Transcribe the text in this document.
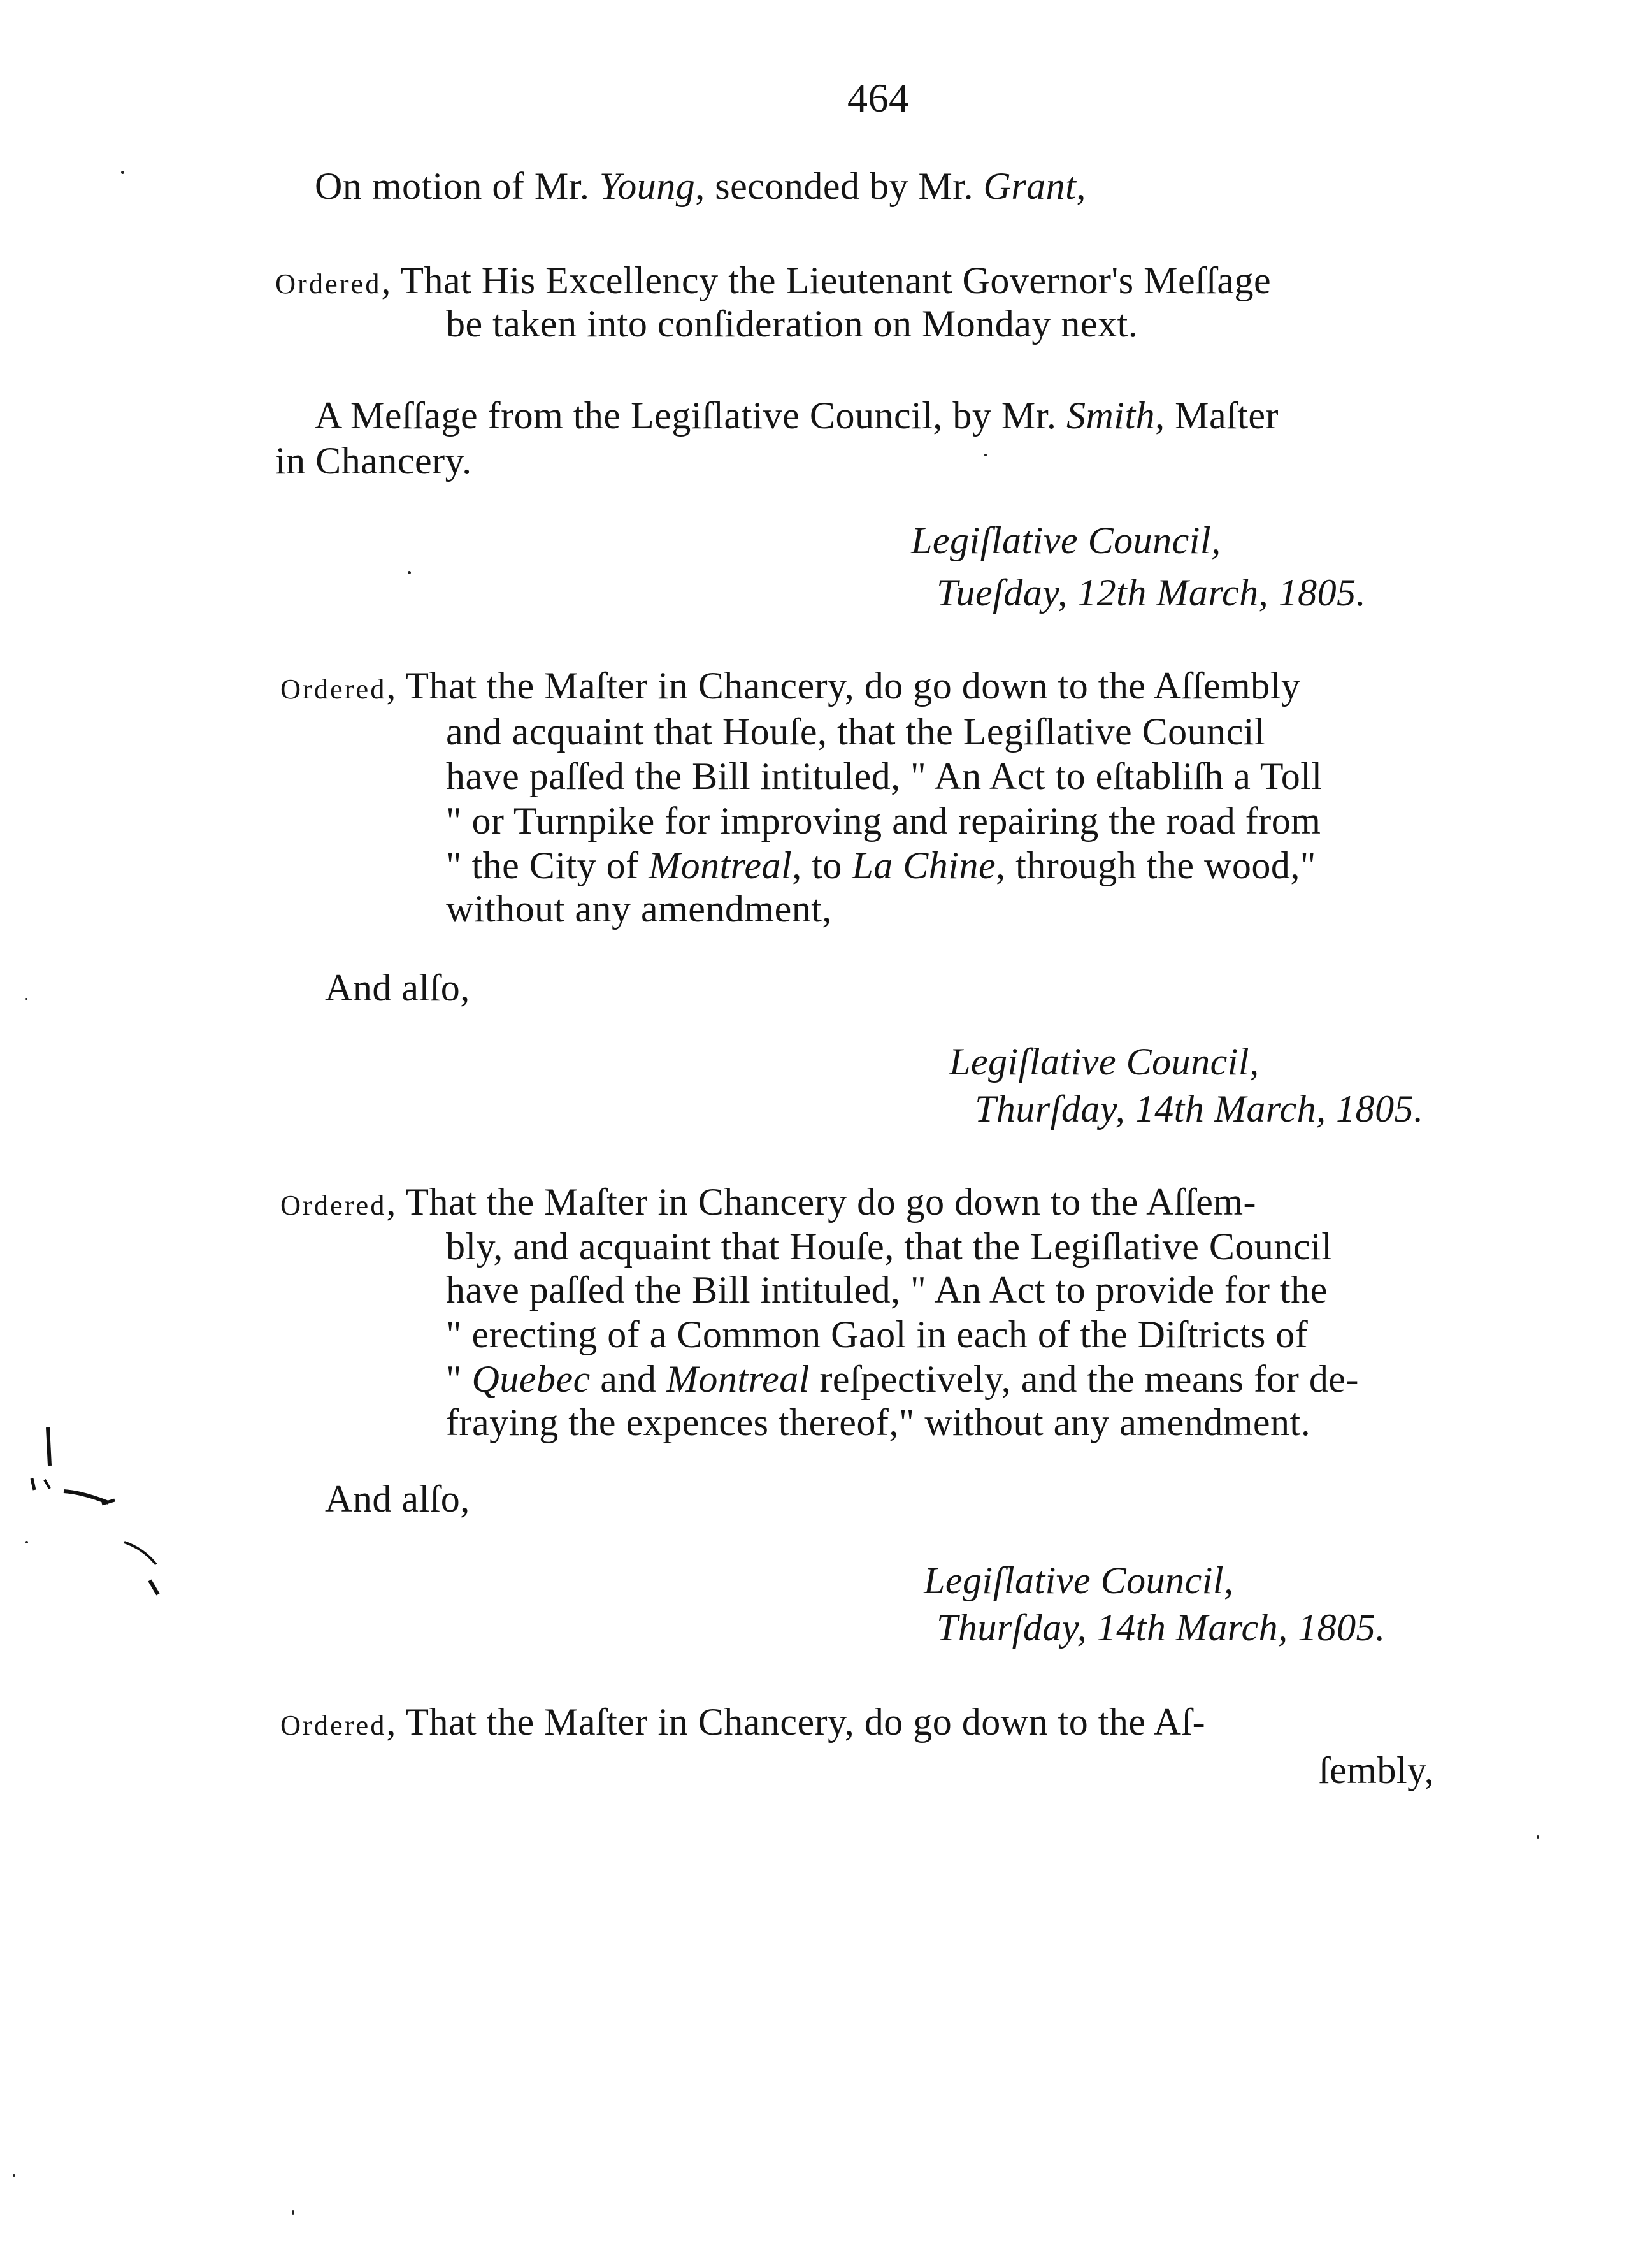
464
On motion of Mr. Young, seconded by Mr. Grant,
Ordered, That His Excellency the Lieutenant Governor's Meſſage
be taken into conſideration on Monday next.
A Meſſage from the Legiſlative Council, by Mr. Smith, Maſter
in Chancery.
Legiſlative Council,
Tueſday, 12th March, 1805.
Ordered, That the Maſter in Chancery, do go down to the Aſſembly
and acquaint that Houſe, that the Legiſlative Council
have paſſed the Bill intituled, " An Act to eſtabliſh a Toll
" or Turnpike for improving and repairing the road from
" the City of Montreal, to La Chine, through the wood,"
without any amendment,
And alſo,
Legiſlative Council,
Thurſday, 14th March, 1805.
Ordered, That the Maſter in Chancery do go down to the Aſſem-
bly, and acquaint that Houſe, that the Legiſlative Council
have paſſed the Bill intituled, " An Act to provide for the
" erecting of a Common Gaol in each of the Diſtricts of
" Quebec and Montreal reſpectively, and the means for de-
fraying the expences thereof," without any amendment.
And alſo,
Legiſlative Council,
Thurſday, 14th March, 1805.
Ordered, That the Maſter in Chancery, do go down to the Aſ-
ſembly,
